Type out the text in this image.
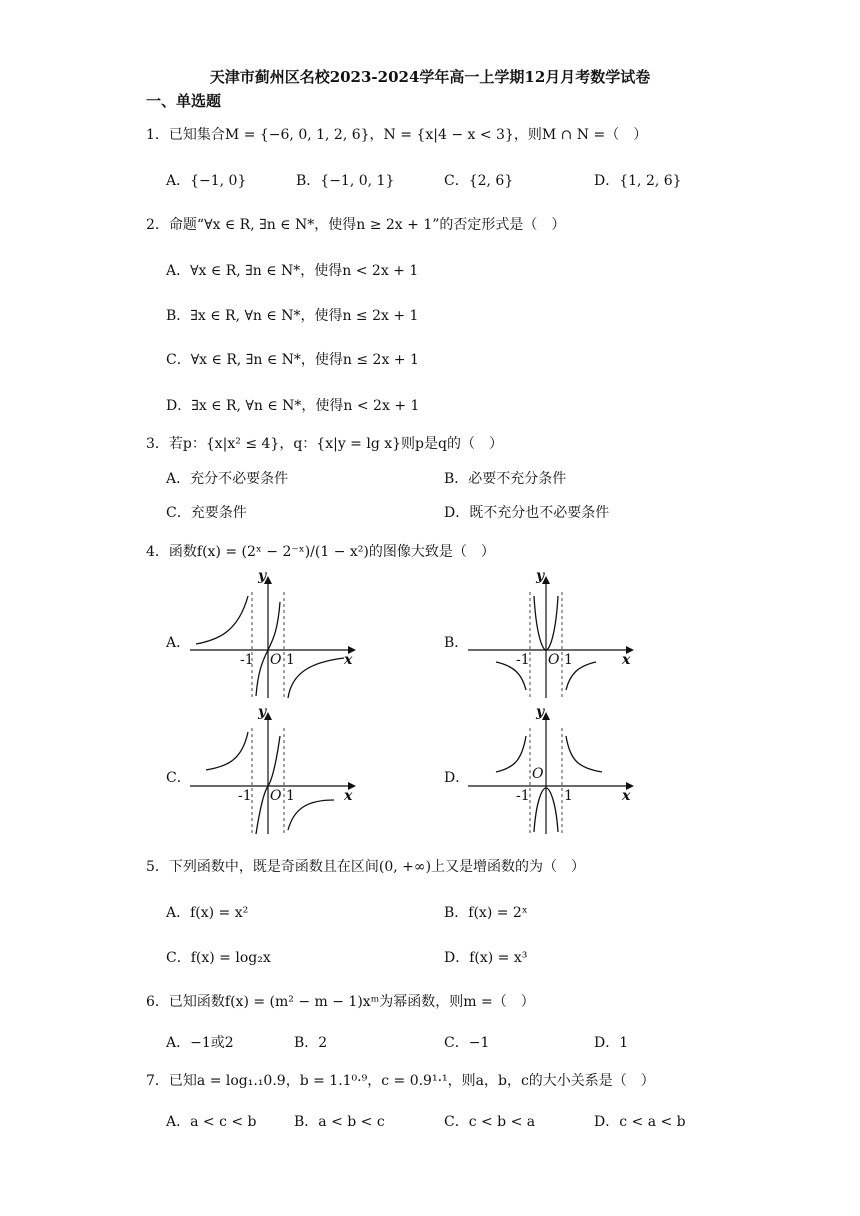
天津市蓟州区名校2023-2024学年高一上学期12月月考数学试卷
一、单选题
1．已知集合M = {−6, 0, 1, 2, 6}，N = {x|4 − x < 3}，则M ∩ N =（　）
A．{−1, 0}	B．{−1, 0, 1}	C．{2, 6}	D．{1, 2, 6}
2．命题“∀x ∈ R, ∃n ∈ N*，使得n ≥ 2x + 1”的否定形式是（　）
A．∀x ∈ R, ∃n ∈ N*，使得n < 2x + 1
B．∃x ∈ R, ∀n ∈ N*，使得n ≤ 2x + 1
C．∀x ∈ R, ∃n ∈ N*，使得n ≤ 2x + 1
D．∃x ∈ R, ∀n ∈ N*，使得n < 2x + 1
3．若p：{x|x² ≤ 4}，q：{x|y = lg x}则p是q的（　）
A．充分不必要条件	B．必要不充分条件
C．充要条件	D．既不充分也不必要条件
4．函数f(x) = (2ˣ − 2⁻ˣ)/(1 − x²)的图像大致是（　）
A．	B．
C．	D．
y
x
O
-1 1
y
x
O
-1 1
y
x
O
-1 1
y
x
O
-1 1
5．下列函数中，既是奇函数且在区间(0, +∞)上又是增函数的为（　）
A．f(x) = x²	B．f(x) = 2ˣ
C．f(x) = log₂x	D．f(x) = x³
6．已知函数f(x) = (m² − m − 1)xᵐ为幂函数，则m =（　）
A．−1或2	B．2	C．−1	D．1
7．已知a = log₁.₁0.9，b = 1.1⁰·⁹，c = 0.9¹·¹，则a，b，c的大小关系是（　）
A．a < c < b	B．a < b < c	C．c < b < a	D．c < a < b
